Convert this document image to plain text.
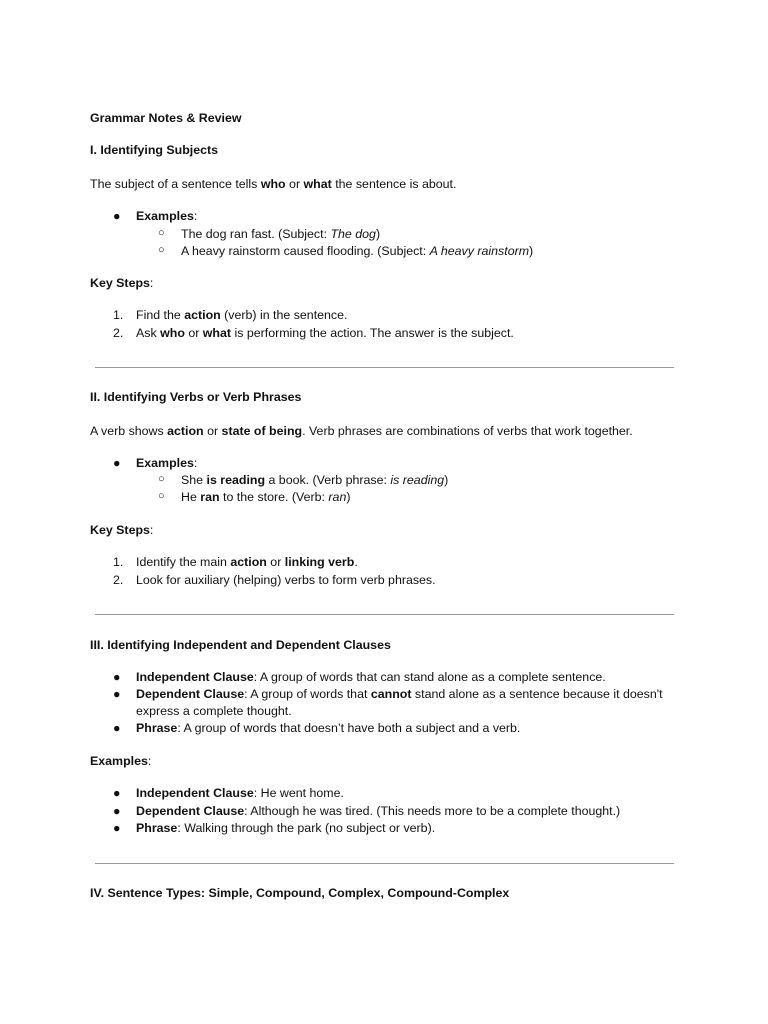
Grammar Notes & Review
I. Identifying Subjects
The subject of a sentence tells who or what the sentence is about.
● Examples:
○ The dog ran fast. (Subject: The dog)
○ A heavy rainstorm caused flooding. (Subject: A heavy rainstorm)
Key Steps:
1. Find the action (verb) in the sentence.
2. Ask who or what is performing the action. The answer is the subject.
II. Identifying Verbs or Verb Phrases
A verb shows action or state of being. Verb phrases are combinations of verbs that work together.
● Examples:
○ She is reading a book. (Verb phrase: is reading)
○ He ran to the store. (Verb: ran)
Key Steps:
1. Identify the main action or linking verb.
2. Look for auxiliary (helping) verbs to form verb phrases.
III. Identifying Independent and Dependent Clauses
● Independent Clause: A group of words that can stand alone as a complete sentence.
● Dependent Clause: A group of words that cannot stand alone as a sentence because it doesn't
express a complete thought.
● Phrase: A group of words that doesn’t have both a subject and a verb.
Examples:
● Independent Clause: He went home.
● Dependent Clause: Although he was tired. (This needs more to be a complete thought.)
● Phrase: Walking through the park (no subject or verb).
IV. Sentence Types: Simple, Compound, Complex, Compound-Complex
